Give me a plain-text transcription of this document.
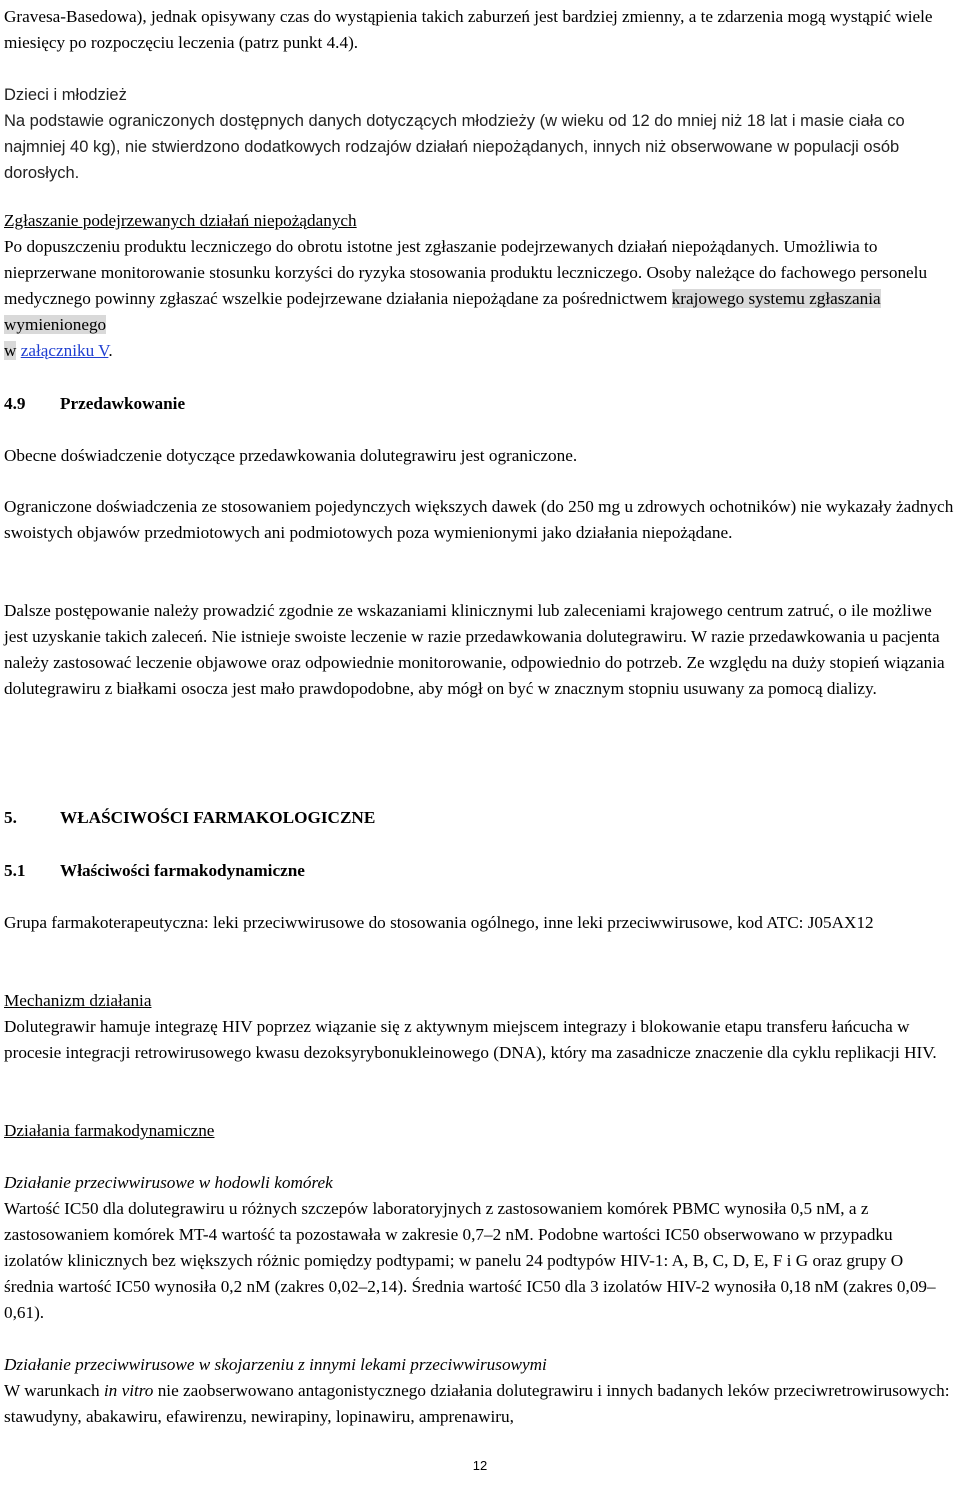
Gravesa-Basedowa), jednak opisywany czas do wystąpienia takich zaburzeń jest bardziej zmienny, a te zdarzenia mogą wystąpić wiele miesięcy po rozpoczęciu leczenia (patrz punkt 4.4).

Dzieci i młodzież

Na podstawie ograniczonych dostępnych danych dotyczących młodzieży (w wieku od 12 do mniej niż 18 lat i masie ciała co najmniej 40 kg), nie stwierdzono dodatkowych rodzajów działań niepożądanych, innych niż obserwowane w populacji osób dorosłych.

Zgłaszanie podejrzewanych działań niepożądanych

Po dopuszczeniu produktu leczniczego do obrotu istotne jest zgłaszanie podejrzewanych działań niepożądanych. Umożliwia to nieprzerwane monitorowanie stosunku korzyści do ryzyka stosowania produktu leczniczego. Osoby należące do fachowego personelu medycznego powinny zgłaszać wszelkie podejrzewane działania niepożądane za pośrednictwem krajowego systemu zgłaszania wymienionego
w załączniku V.

4.9 Przedawkowanie

Obecne doświadczenie dotyczące przedawkowania dolutegrawiru jest ograniczone.

Ograniczone doświadczenia ze stosowaniem pojedynczych większych dawek (do 250 mg u zdrowych ochotników) nie wykazały żadnych swoistych objawów przedmiotowych ani podmiotowych poza wymienionymi jako działania niepożądane.

Dalsze postępowanie należy prowadzić zgodnie ze wskazaniami klinicznymi lub zaleceniami krajowego centrum zatruć, o ile możliwe jest uzyskanie takich zaleceń. Nie istnieje swoiste leczenie w razie przedawkowania dolutegrawiru. W razie przedawkowania u pacjenta należy zastosować leczenie objawowe oraz odpowiednie monitorowanie, odpowiednio do potrzeb. Ze względu na duży stopień wiązania dolutegrawiru z białkami osocza jest mało prawdopodobne, aby mógł on być w znacznym stopniu usuwany za pomocą dializy.

5.	WŁAŚCIWOŚCI FARMAKOLOGICZNE

5.1 Właściwości farmakodynamiczne

Grupa farmakoterapeutyczna: leki przeciwwirusowe do stosowania ogólnego, inne leki przeciwwirusowe, kod ATC: J05AX12

Mechanizm działania

Dolutegrawir hamuje integrazę HIV poprzez wiązanie się z aktywnym miejscem integrazy i blokowanie etapu transferu łańcucha w procesie integracji retrowirusowego kwasu dezoksyrybonukleinowego (DNA), który ma zasadnicze znaczenie dla cyklu replikacji HIV.

Działania farmakodynamiczne

Działanie przeciwwirusowe w hodowli komórek

Wartość IC50 dla dolutegrawiru u różnych szczepów laboratoryjnych z zastosowaniem komórek PBMC wynosiła 0,5 nM, a z zastosowaniem komórek MT-4 wartość ta pozostawała w zakresie 0,7–2 nM. Podobne wartości IC50 obserwowano w przypadku izolatów klinicznych bez większych różnic pomiędzy podtypami; w panelu 24 podtypów HIV-1: A, B, C, D, E, F i G oraz grupy O średnia wartość IC50 wynosiła 0,2 nM (zakres 0,02–2,14). Średnia wartość IC50 dla 3 izolatów HIV-2 wynosiła 0,18 nM (zakres 0,09–0,61).

Działanie przeciwwirusowe w skojarzeniu z innymi lekami przeciwwirusowymi

W warunkach in vitro nie zaobserwowano antagonistycznego działania dolutegrawiru i innych badanych leków przeciwretrowirusowych: stawudyny, abakawiru, efawirenzu, newirapiny, lopinawiru, amprenawiru,

12
